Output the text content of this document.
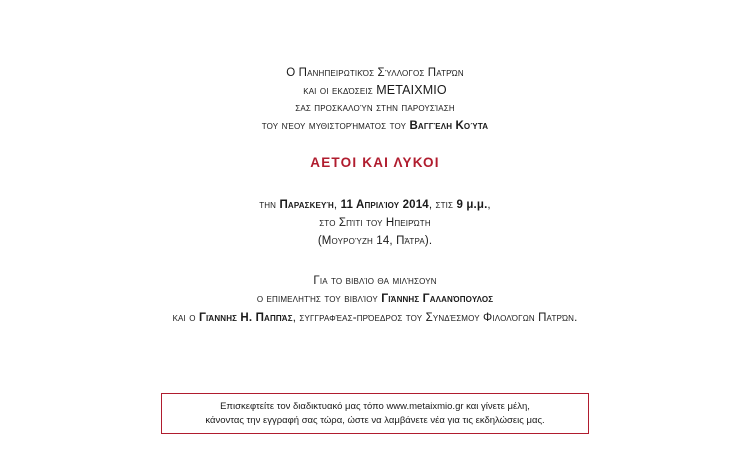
Ο Πανηπειρωτικός Σύλλογος Πατρών
και οι εκδόσεις ΜΕΤΑΙΧΜΙΟ
σας προσκαλούν στην παρουσίαση
του νέου μυθιστορήματος του Βαγγέλη Κούτα
ΑΕΤΟΙ ΚΑΙ ΛΥΚΟΙ
την Παρασκευή, 11 Απριλίου 2014, στις 9 μ.μ.,
στο Σπίτι του Ηπειρώτη
(Μουρούζη 14, Πάτρα).
Για το βιβλίο θα μιλήσουν
ο επιμελητής του βιβλίου Γιάννης Γαλανόπουλος
και ο Γιάννης Η. Παππάς, συγγραφέας-πρόεδρος του Συνδέσμου Φιλολόγων Πατρών.
Επισκεφτείτε τον διαδικτυακό μας τόπο www.metaixmio.gr και γίνετε μέλη,
κάνοντας την εγγραφή σας τώρα, ώστε να λαμβάνετε νέα για τις εκδηλώσεις μας.
